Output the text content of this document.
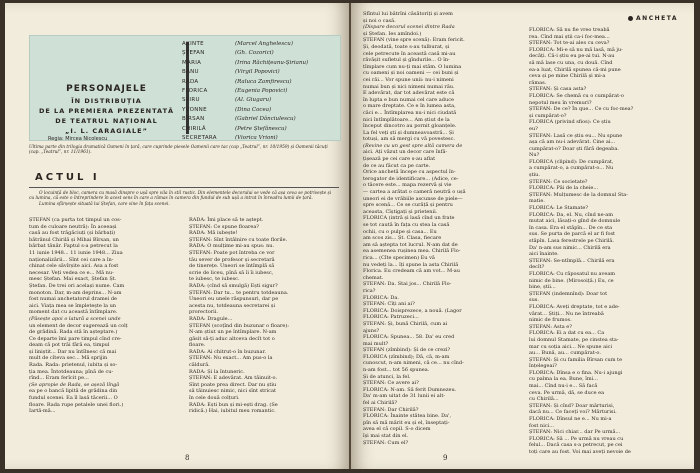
PERSONAJELE
ÎN DISTRIBUȚIA
DE LA PREMIERA PREZENTATĂ
DE TEATRUL NAȚIONAL
„I. L. CARAGIALE”
Regia: Mircea Nicolescu
AXINTE
ȘTEFAN
MARIA
BANU
RADA
FLORICA
SPIRU
YVONNE
BÎRSAN
CHIRILĂ
SECRETARA
(Marcel Anghelescu)
(Gh. Cozorici)
(Irina Răchițeanu-Șirianu)
(Virgil Popovici)
(Raluca Zamfirescu)
(Eugenia Popovici)
(Al. Giugaru)
(Dina Cocea)
(Gabriel Dănciulescu)
(Petre Ștefănescu)
(Viorica Vrioni)
Ultima parte din trilogia dramatică Oameni în țară, care cuprinde piesele Oamenii care tac (cap „Teatrul”, nr. 10/1959) și Oamenii tăcuți (cap. „Teatrul”, nr. 11/1961).
ACTUL I
O locuință de bloc, camera cu masă dinspre o ușă spre vila în stil rustic. Din elementele decorului se vede că așa ceva se potrivește și cu lumina, că este o întreprindere în acest sens în care a rămas în camera din fundul de sub ușă a intrat în înreadra lumii de țară.
Lumina sfărșește situată lui Ștefan, care vine în fața scenei.
ȘTEFAN (ca purta tot timpul un cos-
tum de culoare neutră): În aceeași
casă au fost trăgăciuți (și bărbați)
bătrânul Chirilă și Mihai Bîrsan, un
bărbat tânăr. Faptul s-a petrecut la
11 iunie 1948... 11 iunie 1948... Ziua
naționalizării... Sînt cei care a în-
chinat cele săvîrșite aici. Asa a fost
necesar. Veți vedea ce e... Mă nu-
mesc Ștefan. Mai exact, Ștefan Șt.
Ștefan. De trei ori același nume. Cam
monoton. Dar, m-am deprins... N-am
fost numai anchetatorul dramei de
aici. Viața mea se împletește la un
moment dat cu această întîmplare.
(Păsește apoi o latură a scenei unde
un element de decor sugerează un colț
de grădină. Rada stă în așteptare.)
Ce departe îmi pare timpul cînd cre-
deam că pot trăi fără ea, timpul
și liniștit... Dar nu întîlnesc că mai
mult de cîteva sec... Mă sprijin
Rada. Rada: prietenul, iubita și so-
ția mea. Întotdeauna; pînă de cu-
rînd... Eram ferîcit pe...
(Se apropie de Rada, se așeză lîngă
ea pe o bancă lipită de grădina din
fundul scenei. Ea îl lasă tăcerii... O
floare. Rada rupe petalele unei flori.)
Iartă-mă...
RADA: Îmi place să te aștept.
ȘTEFAN: Ce spune floarea?
RADA: Mă iubește!
ȘTEFAN: Sînt întâlnire cu toate florile.
RADA: O mulțime mi-au spus: nu.
ȘTEFAN: Poate pot întreba ce vor
tău sever de profesor și secretară
de tinerețe. Uneori se întîmplă să
scrie de liceu, pînă să îi îi iubesc,
te iubesc, te iubesc.
RADA: (cînd să smulgă) Ești sigur?
ȘTEFAN: Dar tu... te pentru totdeauna.
Uneori eu unele răspunsuri, dar pe
acesta nu, totdeauna secretarei și
prorectorii.
RADA: Dragule...
ȘTEFAN (scoțînd din buzunar o floare):
N-am știut un pe întîmplare. N-am
găsit să-ți aduc altceva decît tot o
floare.
RADA: Ai chitrut-o în buzunar.
ȘTEFAN: Nu exact... Am pus-o la
căldură.
RADA: Și la întuneric.
ȘTEFAN: E adevărat. Am tăinuit-o.
Sînt poate prea direct. Dar nu știu
să tăinuiesc nimic, nici sînt stricat
în cele două colțuri.
RADA: Ești bun și mi-ești drag. (Se
ridică.) Hai, iubitul meu romantic.
8
ANCHETA
Sfîntul lui bătrîni căsătoriți și avem
și noi o casă.
(Dispare decorul scenei dintre Rada
și Ștefan. Ies amîndoi.)
ȘTEFAN (vine spre scenă): Eram fericit.
Și, deodată, toate s-au tulburat, și
cele petrecute în această casă mi-au
răvășit sufletul și gîndurile... O în-
tîmplare cum nu-ți mai stăm. O lumina
cu oameni și noi oameni — cei buni și
cei răi... Vor spune unii: nu-i nimeni
numai bun și nici nimeni numai rău.
E adevărat, dar tot adevărat este că
în lupta e bun numai cel care aduce
o mare dreptate. Ce e în lumea asta,
căci e... Întîmplarea nu-i nici ciudată
nici întîmplătoare... Am știut de la
început dincotro au pornit gloanțele.
La fel veți ști și dumneavoastră... Și
totuși, am să mergi cu vă povestesc.
(Revine cu un gest spre altă camera de
aici. Ați văzut un decor care înfă-
țișează pe cei care s-au aflat
de ce au făcut ca pe carte.
Orice anchetă începe cu aspectul în-
terogator de identificare... (Adice, ce-
o tăcere este... mapa rezervă și vie
— cartea a arătat o cameră neutră o ușă
uneori ei de vrăbiile ascunse de piele—
spre scenă... Ce se curăță și pentru
aceasta, Cîștigați și prietenii.
FLORICA (intră și lasă cînd un frate
se tot caută în fața cu stea la casă
ochii, cu o pulpe și casa... Eu
am scos zis... Șt. Clasa, fiecare
am să aștepta tot lucrul. N-am dat de
ea asemenea rușinea mea. Chirilă Flo-
rica... (Cîte specimen) Eu vă
nu vedeți la... îți spune la asta Chirilă
Florica. Eu credeam că am vot... M-au
chemat.
ȘTEFAN: Da. Stai jos... Chirilă Flo-
rica?
FLORICA: Da.
ȘTEFAN: Cîți ani ai?
FLORICA: Doisprezece, a nouă. (Lagor
FLORICA: Patruzeci...
ȘTEFAN: Și, bună Chirilă, cum ai
ajuns?
FLORICA: Spunea... 58. Da' eu cred
mai mult?
ȘTEFAN (zîmbind): Și de ce crezi?
FLORICA (zîmbind); Dă, că, m-am
cunoscut, n-am nimeni, că ce... nu cînd-
n-am fost... tot 56 spunea.
Și de atunci, la fel.
ȘTEFAN: Ce avere ai?
FLORICA: N-am. Să ferit Dumnezeu.
Da' m-am uitat de 31 lunii ei alt-
fel ai Chirilă?
ȘTEFAN: Dar Chirilă?
FLORICA: Înainte stătea bine. Da',
pîn să mă mărit eu și el, înseptați-
avea el că copil. S-o dicem
își mai stat din el.
ȘTEFAN: Cum el?
FLORICA: Să nu fie vreo treabă
rea. Cînd mai știi ca-i foc-mea...
ȘTEFAN: Tot te-ai ales cu ceva?
FLORICA: Mi-e să nu mă lasă, mă ju-
decăți. Că-i știu eu pe-ai tui. N-au
să mă lase cu una, cu două. Cînd
ea-a luat, Chirilă spunea că-mi pune
ceva și pe mine Chirilă și mi-a
rămas.
ȘTEFAN: Și casa asta?
FLORICA: Se chemă cu o cumpărat-o
nepotul meu în vremuri?
ȘTEFAN: De ce? În que... Ce cu foc-mea?
și cumpărat-o?
FLORICA (privind sfios): Ce știu
eu?
ȘTEFAN: Lasă ce știu eu... Nu spune
așa că am nu-i adevărat. Cine ai...
cumpărat-o? Doar ști fără degeaba.
Nu?
FLORICA (clipind): De cumpărat,
a cumpărat-o, a cumpărat-o... Nu
știu.
ȘTEFAN: Ce societate?
FLORICA: Păi de la cheie...
ȘTEFAN: Mulțumesc de la domnul Sta-
matie.
FLORICA: Le Stamate?
FLORICA: Da, el. Nu, cînd ne-am
mutat aici, lăsați-o gînd de domnule
în casa. Era el stăpîn... De ce sta
sus. Se purta de parcă el ar fi fost
stăpîn. Lasa ferestrele pe Chirilă.
Da' n-am sus nimic... Chirilă era
aici înainte.
ȘTEFAN: Se-ntîmplă... Chirilă era
decît?
FLORICA: Cu răposatul nu aveam
nimic de bine. (Mirosoiță.) Eu, ce
bine, știi...
ȘTEFAN (indemnînd): Doar tot
sus.
FLORICA: Aveți dreptate, tot e ade-
vărat... Știți... Nu ne întreabă
nimic de frumos.
ȘTEFAN: Asta e?
FLORICA: Ei a dat cu ea... Ca
lui domnul Stamate, pe cinstea sta-
mar cu soția aici... Ne spune aici
au... Bună, au... cumpărat-o.
ȘTEFAN: Și cu familia Bîrsan cum te
înțelegeai?
FLORICA: Dînsa e o fina. Nu-i ajungi
cu palma la ea. Bune, îmi...
mai... Cînd nu-i e... Să facă
ceva. Pe urmă, dă, se duce ea
cu Chirilă...
ȘTEFAN: Și cînd? Doar mărturisi,
dacă nu... Ce faceți voi? Mărturisi.
FLORICA: Dînsul ne e... Nu mi-a
fost nici...
ȘTEFAN: Nici chiar... dar Pe urmă...
FLORICA: Să ... Pe urmă nu vreau cu
felul... Dacă casa s-a petrecut, pe cei
toți care au fost. Voi mai aveți nevoie de
9
